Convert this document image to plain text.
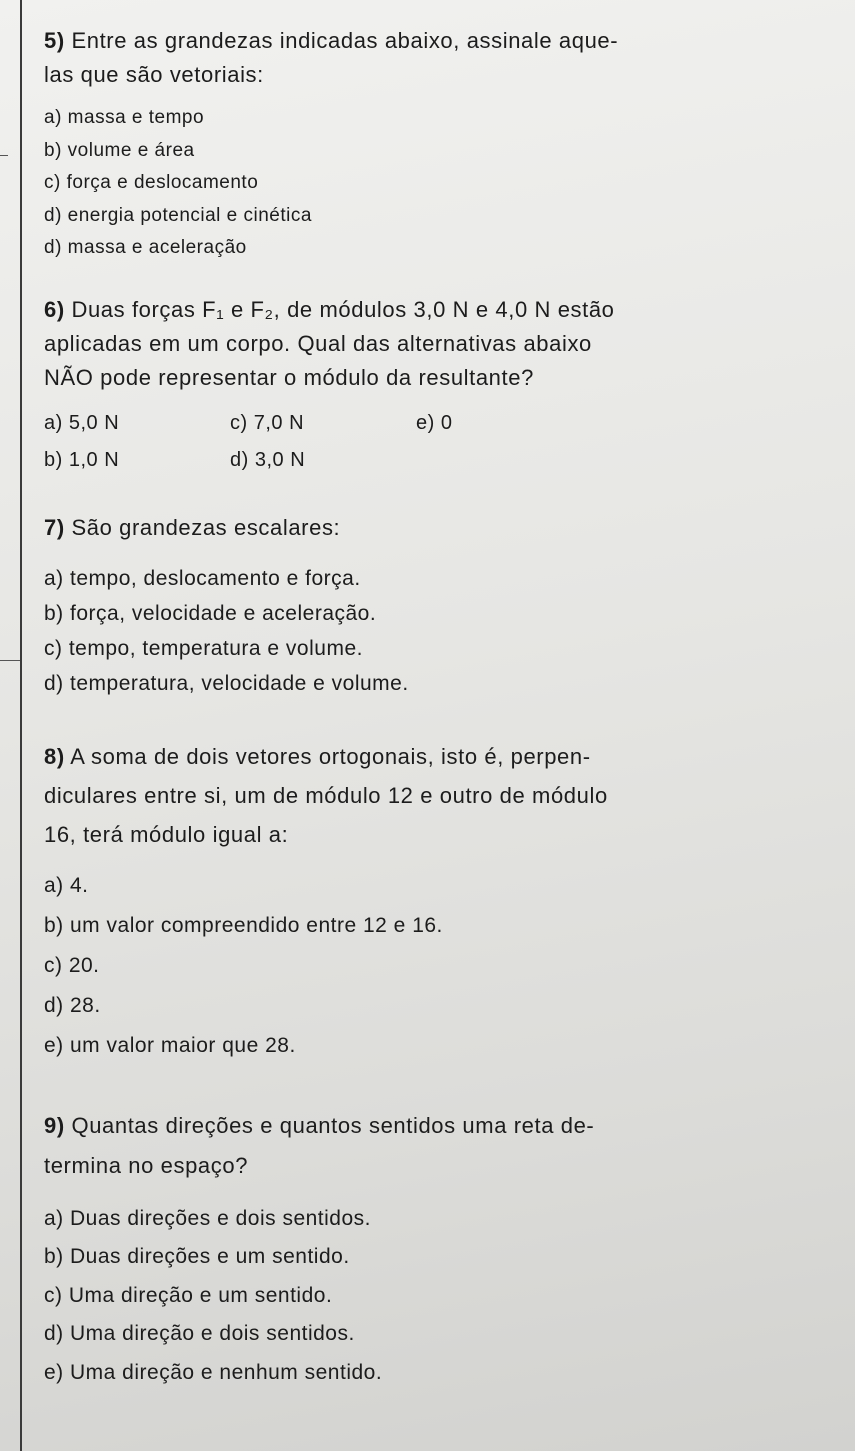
5) Entre as grandezas indicadas abaixo, assinale aque-
las que são vetoriais:
a) massa e tempo
b) volume e área
c) força e deslocamento
d) energia potencial e cinética
d) massa e aceleração
6) Duas forças F₁ e F₂, de módulos 3,0 N e 4,0 N estão
aplicadas em um corpo. Qual das alternativas abaixo
NÃO pode representar o módulo da resultante?
a) 5,0 N	c) 7,0 N	e) 0
b) 1,0 N	d) 3,0 N
7) São grandezas escalares:
a) tempo, deslocamento e força.
b) força, velocidade e aceleração.
c) tempo, temperatura e volume.
d) temperatura, velocidade e volume.
8) A soma de dois vetores ortogonais, isto é, perpen-
diculares entre si, um de módulo 12 e outro de módulo
16, terá módulo igual a:
a) 4.
b) um valor compreendido entre 12 e 16.
c) 20.
d) 28.
e) um valor maior que 28.
9) Quantas direções e quantos sentidos uma reta de-
termina no espaço?
a) Duas direções e dois sentidos.
b) Duas direções e um sentido.
c) Uma direção e um sentido.
d) Uma direção e dois sentidos.
e) Uma direção e nenhum sentido.
